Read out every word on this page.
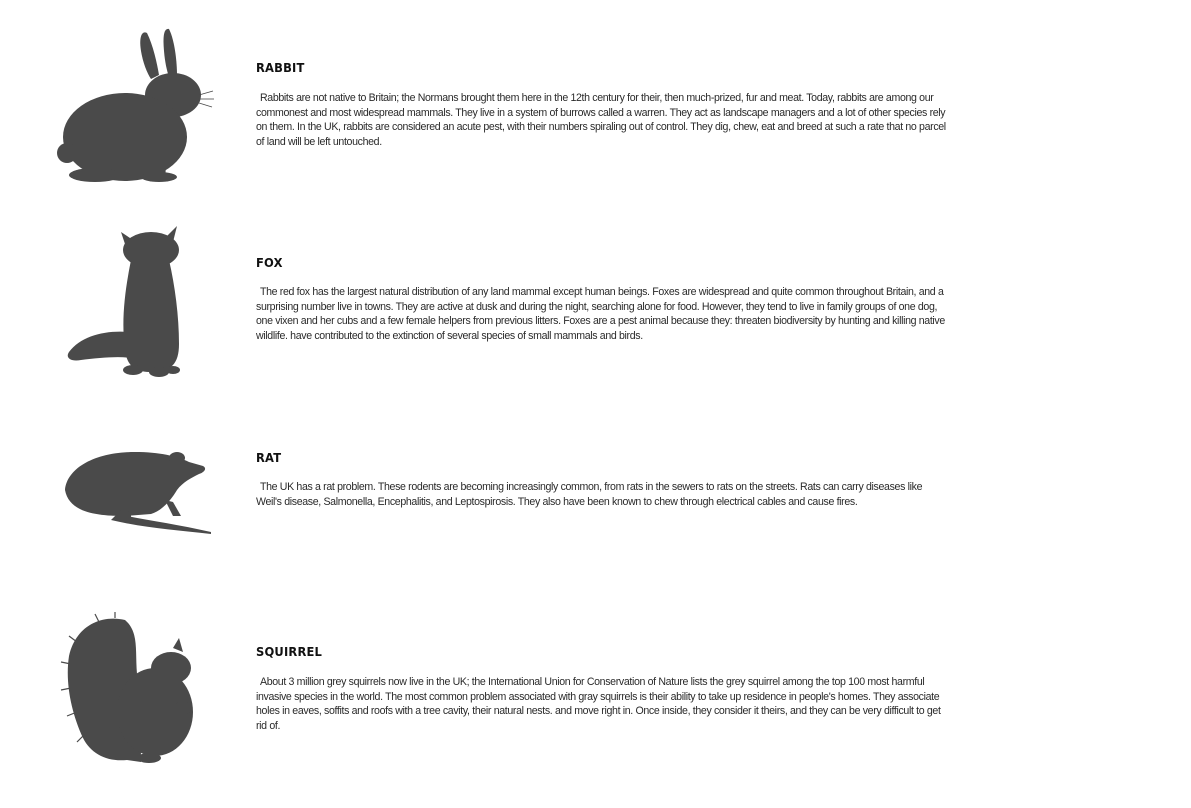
RABBIT

Rabbits are not native to Britain; the Normans brought them here in the 12th century for their, then much-prized, fur and meat. Today, rabbits are among our commonest and most widespread mammals. They live in a system of burrows called a warren. They act as landscape managers and a lot of other species rely on them. In the UK, rabbits are considered an acute pest, with their numbers spiraling out of control. They dig, chew, eat and breed at such a rate that no parcel of land will be left untouched.

FOX

The red fox has the largest natural distribution of any land mammal except human beings. Foxes are widespread and quite common throughout Britain, and a surprising number live in towns. They are active at dusk and during the night, searching alone for food. However, they tend to live in family groups of one dog, one vixen and her cubs and a few female helpers from previous litters. Foxes are a pest animal because they: threaten biodiversity by hunting and killing native wildlife. have contributed to the extinction of several species of small mammals and birds.

RAT

The UK has a rat problem. These rodents are becoming increasingly common, from rats in the sewers to rats on the streets. Rats can carry diseases like Weil's disease, Salmonella, Encephalitis, and Leptospirosis. They also have been known to chew through electrical cables and cause fires.

SQUIRREL

About 3 million grey squirrels now live in the UK; the International Union for Conservation of Nature lists the grey squirrel among the top 100 most harmful invasive species in the world. The most common problem associated with gray squirrels is their ability to take up residence in people's homes. They associate holes in eaves, soffits and roofs with a tree cavity, their natural nests. and move right in. Once inside, they consider it theirs, and they can be very difficult to get rid of.
